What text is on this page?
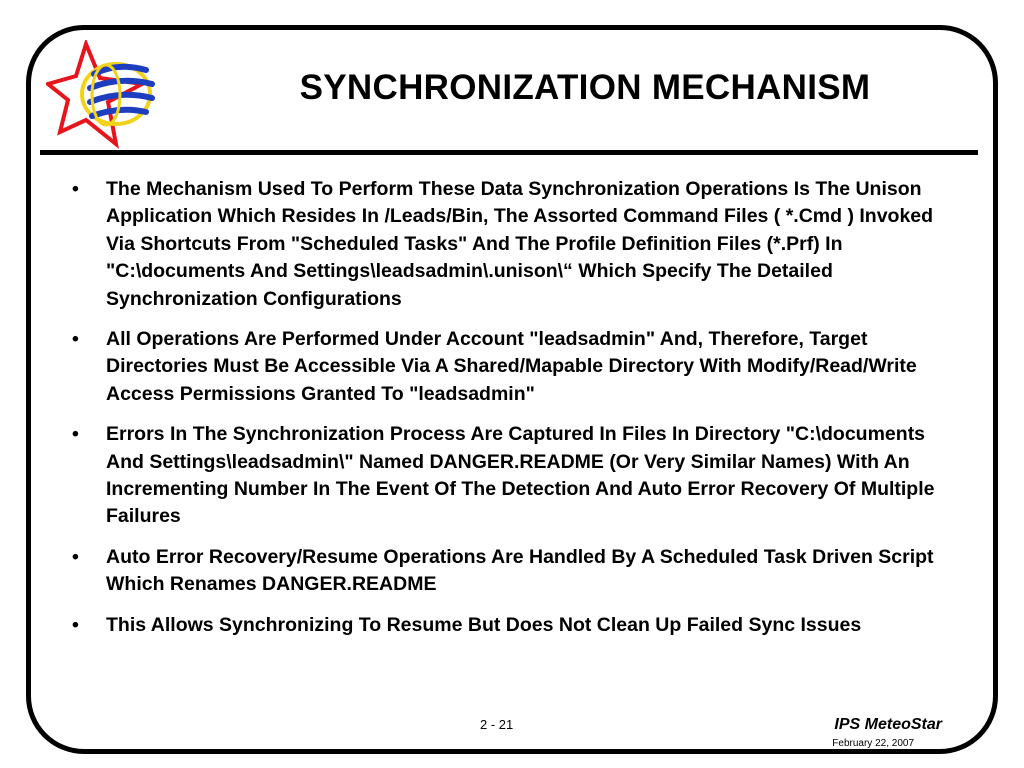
SYNCHRONIZATION MECHANISM
• The Mechanism Used To Perform These Data Synchronization Operations Is The Unison Application Which Resides In /Leads/Bin, The Assorted Command Files ( *.Cmd ) Invoked Via Shortcuts From "Scheduled Tasks" And The Profile Definition Files (*.Prf) In "C:\documents And Settings\leadsadmin\.unison\“ Which Specify The Detailed Synchronization Configurations
• All Operations Are Performed Under Account "leadsadmin" And, Therefore, Target Directories Must Be Accessible Via A Shared/Mapable Directory With Modify/Read/Write Access Permissions Granted To "leadsadmin"
• Errors In The Synchronization Process Are Captured In Files In Directory "C:\documents And Settings\leadsadmin\" Named DANGER.README (Or Very Similar Names) With An Incrementing Number In The Event Of The Detection And Auto Error Recovery Of Multiple Failures
• Auto Error Recovery/Resume Operations Are Handled By A Scheduled Task Driven Script Which Renames DANGER.README
• This Allows Synchronizing To Resume But Does Not Clean Up Failed Sync Issues
2 - 21	IPS MeteoStar
February 22, 2007
